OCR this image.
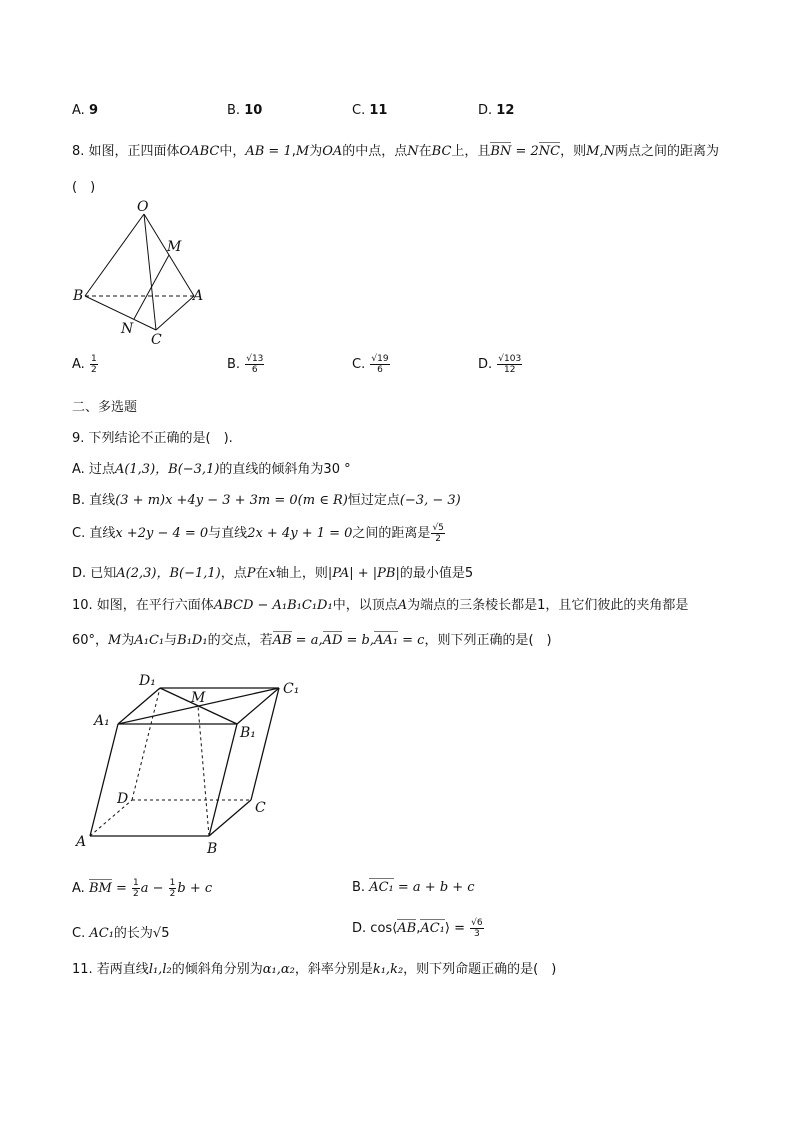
A. 9	B. 10	C. 11	D. 12
8. 如图，正四面体OABC中，AB = 1,M为OA的中点，点N在BC上，且BN = 2NC，则M,N两点之间的距离为
(　)
O
M
B	A
N
C
A. $\frac{1}{2}$	B. $\frac{√13}{6}$	C. $\frac{√19}{6}$	D. $\frac{√103}{12}$
二、多选题
9. 下列结论不正确的是(　).
A. 过点A(1,3)，B(−3,1)的直线的倾斜角为30 °
B. 直线(3 + m)x +4y − 3 + 3m = 0(m ∈ R)恒过定点(−3, − 3)
C. 直线x +2y − 4 = 0与直线2x + 4y + 1 = 0之间的距离是 $\frac{√5}{2}$
D. 已知A(2,3)，B(−1,1)，点P在x轴上，则|PA| + |PB|的最小值是5
10. 如图，在平行六面体ABCD − A₁B₁C₁D₁中，以顶点A为端点的三条棱长都是1，且它们彼此的夹角都是
60°，M为A₁C₁与B₁D₁的交点，若AB = a,AD = b,AA₁ = c，则下列正确的是(　)
D₁
M
C₁
A₁
B₁
D
C
A	B
A. BM = $\frac{1}{2}$ $a - \frac{1}{2}$ b + c	B. AC₁ = a + b + c
C. AC₁的长为√5	D. cos⟨AB,AC₁⟩ = $\frac{√6}{3}$
11. 若两直线l₁,l₂的倾斜角分别为α₁,α₂，斜率分别是k₁,k₂，则下列命题正确的是(　)
